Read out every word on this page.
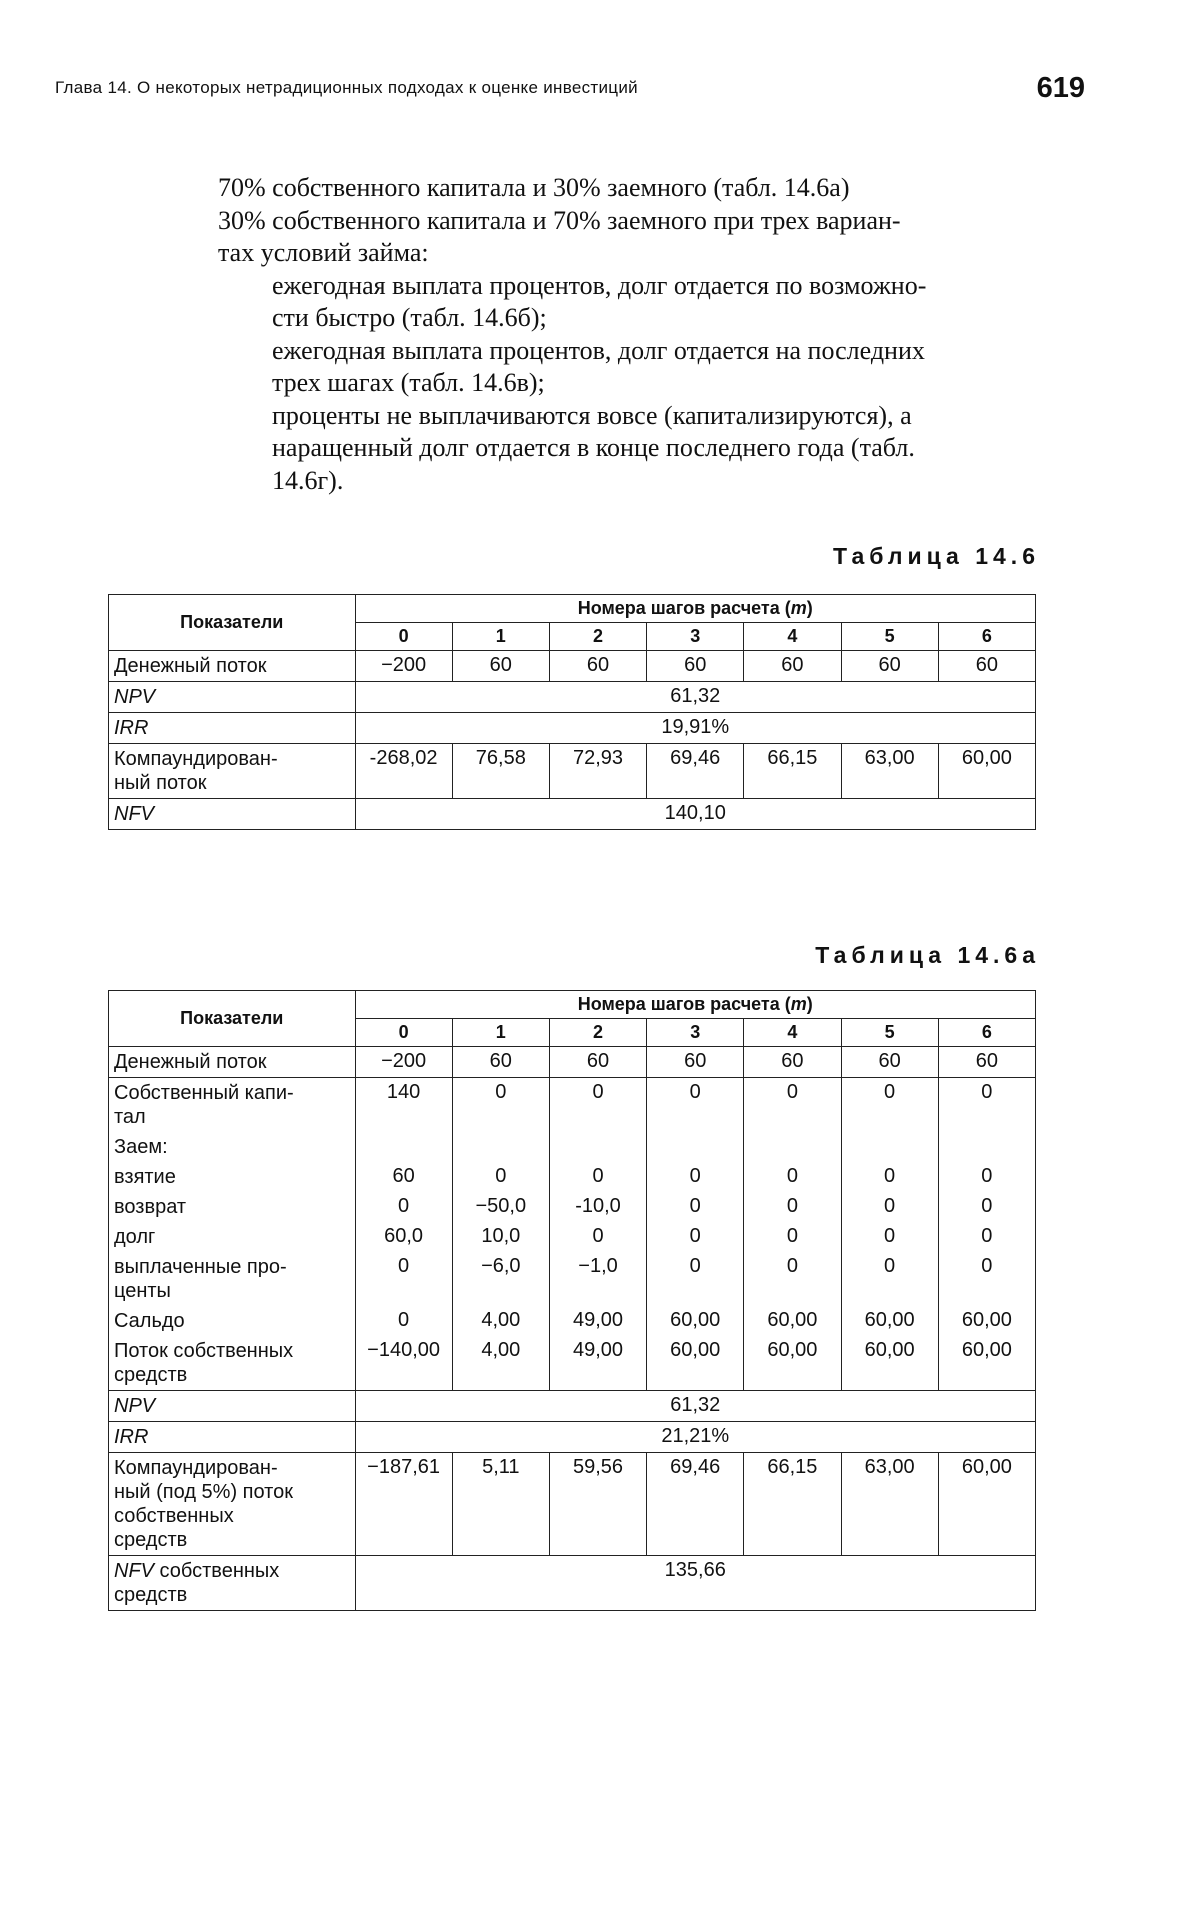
Глава 14. О некоторых нетрадиционных подходах к оценке инвестиций	619

70% собственного капитала и 30% заемного (табл. 14.6а)

30% собственного капитала и 70% заемного при трех вариан-

тах условий займа:

ежегодная выплата процентов, долг отдается по возможно-

сти быстро (табл. 14.6б);

ежегодная выплата процентов, долг отдается на последних

трех шагах (табл. 14.6в);

проценты не выплачиваются вовсе (капитализируются), а

наращенный долг отдается в конце последнего года (табл.

14.6г).

Таблица 14.6
Показатели	Номера шагов расчета (m)						
	0	1	2	3	4	5	6
Денежный поток	−200	60	60	60	60	60	60
NPV	61,32						
IRR	19,91%						
Компаундирован-
ный поток	-268,02	76,58	72,93	69,46	66,15	63,00	60,00
NFV	140,10						
Таблица 14.6а
Показатели	Номера шагов расчета (m)						
	0	1	2	3	4	5	6
Денежный поток	−200	60	60	60	60	60	60
Собственный капи-
тал	140	0	0	0	0	0	0
Заем:							
взятие	60	0	0	0	0	0	0
возврат	0	−50,0	-10,0	0	0	0	0
долг	60,0	10,0	0	0	0	0	0
выплаченные про-
центы	0	−6,0	−1,0	0	0	0	0
Сальдо	0	4,00	49,00	60,00	60,00	60,00	60,00
Поток собственных
средств	−140,00	4,00	49,00	60,00	60,00	60,00	60,00
NPV	61,32						
IRR	21,21%						
Компаундирован-
ный (под 5%) поток
собственных
средств	−187,61	5,11	59,56	69,46	66,15	63,00	60,00
NFV собственных
средств	135,66						
